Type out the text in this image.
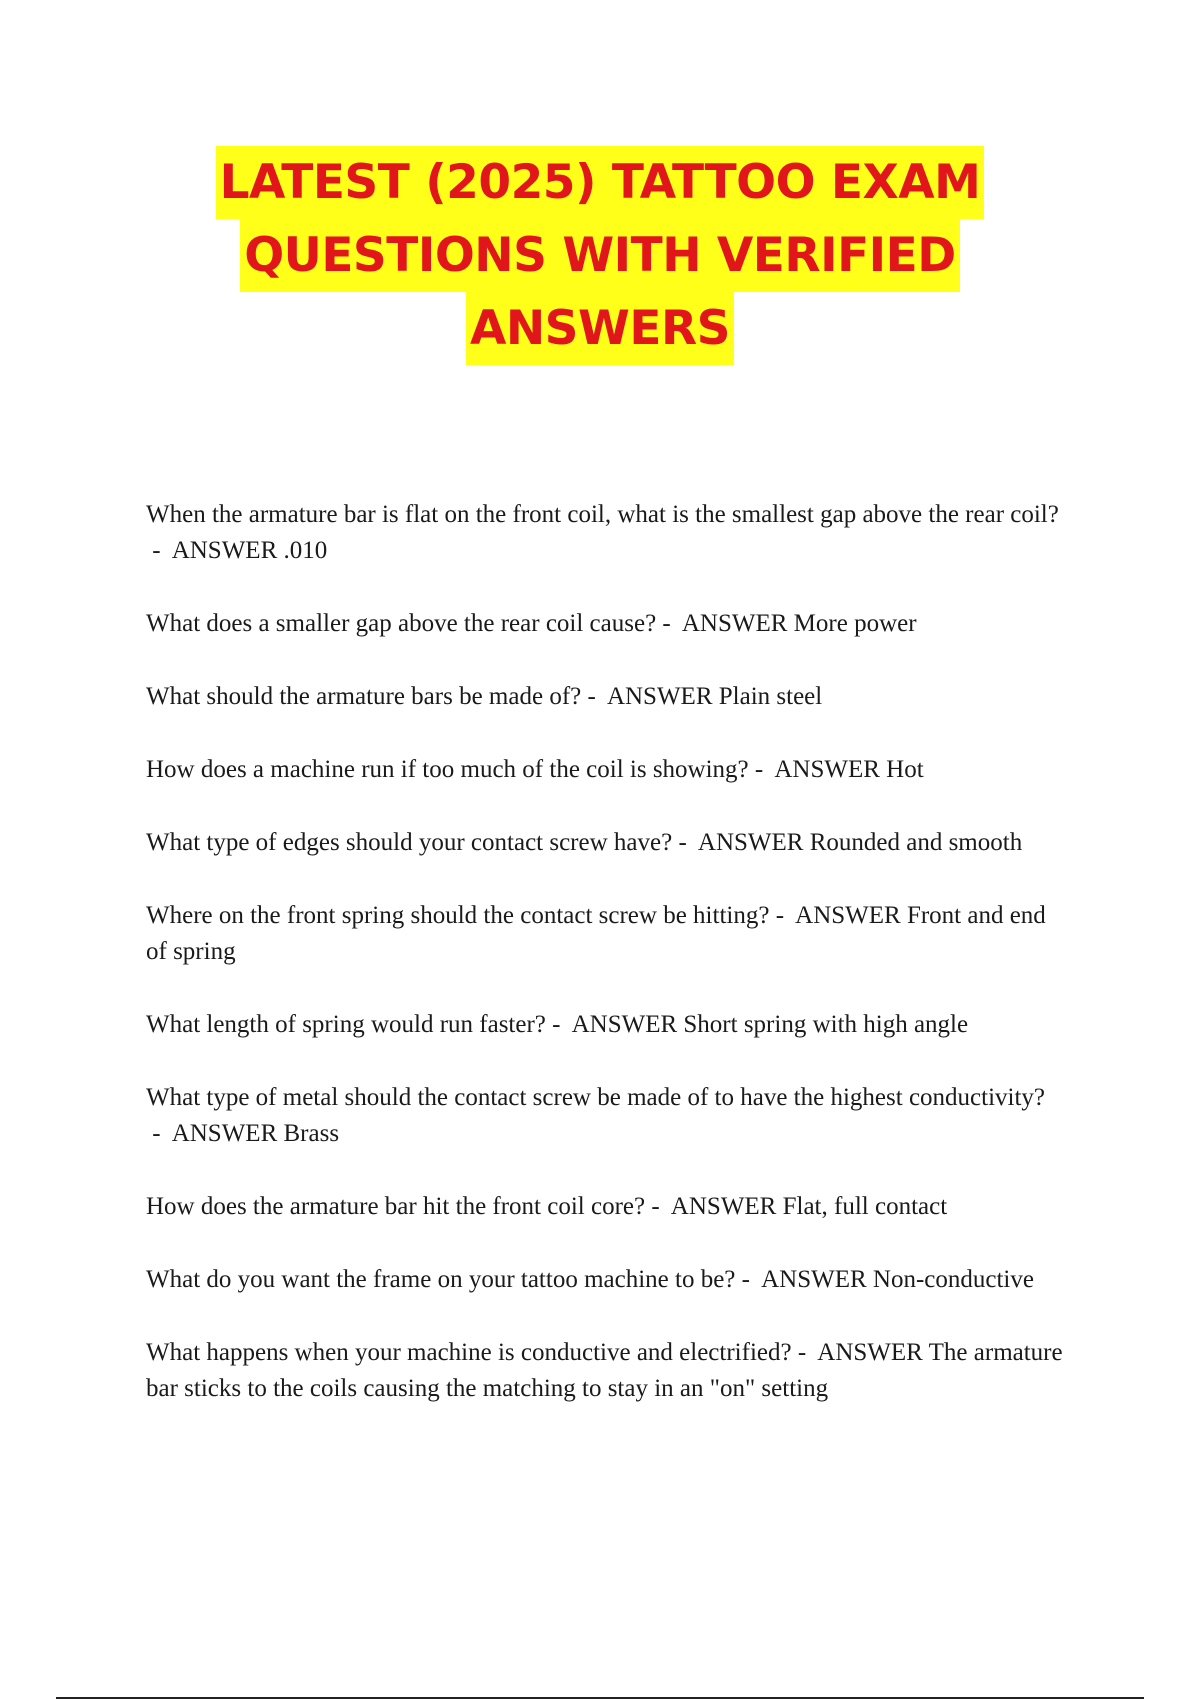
LATEST (2025) TATTOO EXAM
QUESTIONS WITH VERIFIED
ANSWERS

When the armature bar is flat on the front coil, what is the smallest gap above the rear coil? -  ANSWER .010

What does a smaller gap above the rear coil cause? -  ANSWER More power

What should the armature bars be made of? -  ANSWER Plain steel

How does a machine run if too much of the coil is showing? -  ANSWER Hot

What type of edges should your contact screw have? -  ANSWER Rounded and smooth

Where on the front spring should the contact screw be hitting? -  ANSWER Front and end of spring

What length of spring would run faster? -  ANSWER Short spring with high angle

What type of metal should the contact screw be made of to have the highest conductivity? -  ANSWER Brass

How does the armature bar hit the front coil core? -  ANSWER Flat, full contact

What do you want the frame on your tattoo machine to be? -  ANSWER Non-conductive

What happens when your machine is conductive and electrified? -  ANSWER The armature bar sticks to the coils causing the matching to stay in an "on" setting
